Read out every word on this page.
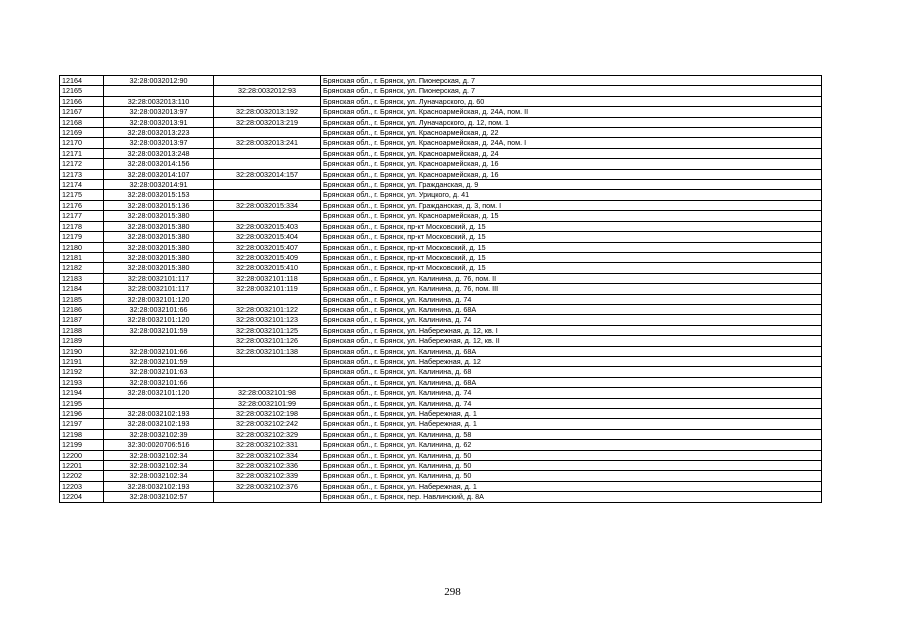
12164	32:28:0032012:90		Брянская обл., г. Брянск, ул. Пионерская, д. 7
12165		32:28:0032012:93	Брянская обл., г. Брянск, ул. Пионерская, д. 7
12166	32:28:0032013:110		Брянская обл., г. Брянск, ул. Луначарского, д. 60
12167	32:28:0032013:97	32:28:0032013:192	Брянская обл., г. Брянск, ул. Красноармейская, д. 24А, пом. II
12168	32:28:0032013:91	32:28:0032013:219	Брянская обл., г. Брянск, ул. Луначарского, д. 12, пом. 1
12169	32:28:0032013:223		Брянская обл., г. Брянск, ул. Красноармейская, д. 22
12170	32:28:0032013:97	32:28:0032013:241	Брянская обл., г. Брянск, ул. Красноармейская, д. 24А, пом. I
12171	32:28:0032013:248		Брянская обл., г. Брянск, ул. Красноармейская, д. 24
12172	32:28:0032014:156		Брянская обл., г. Брянск, ул. Красноармейская, д. 16
12173	32:28:0032014:107	32:28:0032014:157	Брянская обл., г. Брянск, ул. Красноармейская, д. 16
12174	32:28:0032014:91		Брянская обл., г. Брянск, ул. Гражданская, д. 9
12175	32:28:0032015:153		Брянская обл., г. Брянск, ул. Урицкого, д. 41
12176	32:28:0032015:136	32:28:0032015:334	Брянская обл., г. Брянск, ул. Гражданская, д. 3, пом. I
12177	32:28:0032015:380		Брянская обл., г. Брянск, ул. Красноармейская, д. 15
12178	32:28:0032015:380	32:28:0032015:403	Брянская обл., г. Брянск, пр-кт Московский, д. 15
12179	32:28:0032015:380	32:28:0032015:404	Брянская обл., г. Брянск, пр-кт Московский, д. 15
12180	32:28:0032015:380	32:28:0032015:407	Брянская обл., г. Брянск, пр-кт Московский, д. 15
12181	32:28:0032015:380	32:28:0032015:409	Брянская обл., г. Брянск, пр-кт Московский, д. 15
12182	32:28:0032015:380	32:28:0032015:410	Брянская обл., г. Брянск, пр-кт Московский, д. 15
12183	32:28:0032101:117	32:28:0032101:118	Брянская обл., г. Брянск, ул. Калинина, д. 76, пом. II
12184	32:28:0032101:117	32:28:0032101:119	Брянская обл., г. Брянск, ул. Калинина, д. 76, пом. III
12185	32:28:0032101:120		Брянская обл., г. Брянск, ул. Калинина, д. 74
12186	32:28:0032101:66	32:28:0032101:122	Брянская обл., г. Брянск, ул. Калинина, д. 68А
12187	32:28:0032101:120	32:28:0032101:123	Брянская обл., г. Брянск, ул. Калинина, д. 74
12188	32:28:0032101:59	32:28:0032101:125	Брянская обл., г. Брянск, ул. Набережная, д. 12, кв. I
12189		32:28:0032101:126	Брянская обл., г. Брянск, ул. Набережная, д. 12, кв. II
12190	32:28:0032101:66	32:28:0032101:138	Брянская обл., г. Брянск, ул. Калинина, д. 68А
12191	32:28:0032101:59		Брянская обл., г. Брянск, ул. Набережная, д. 12
12192	32:28:0032101:63		Брянская обл., г. Брянск, ул. Калинина, д. 68
12193	32:28:0032101:66		Брянская обл., г. Брянск, ул. Калинина, д. 68А
12194	32:28:0032101:120	32:28:0032101:98	Брянская обл., г. Брянск, ул. Калинина, д. 74
12195		32:28:0032101:99	Брянская обл., г. Брянск, ул. Калинина, д. 74
12196	32:28:0032102:193	32:28:0032102:198	Брянская обл., г. Брянск, ул. Набережная, д. 1
12197	32:28:0032102:193	32:28:0032102:242	Брянская обл., г. Брянск, ул. Набережная, д. 1
12198	32:28:0032102:39	32:28:0032102:329	Брянская обл., г. Брянск, ул. Калинина, д. 58
12199	32:30:0020706:516	32:28:0032102:331	Брянская обл., г. Брянск, ул. Калинина, д. 62
12200	32:28:0032102:34	32:28:0032102:334	Брянская обл., г. Брянск, ул. Калинина, д. 50
12201	32:28:0032102:34	32:28:0032102:336	Брянская обл., г. Брянск, ул. Калинина, д. 50
12202	32:28:0032102:34	32:28:0032102:339	Брянская обл., г. Брянск, ул. Калинина, д. 50
12203	32:28:0032102:193	32:28:0032102:376	Брянская обл., г. Брянск, ул. Набережная, д. 1
12204	32:28:0032102:57		Брянская обл., г. Брянск, пер. Навлинский, д. 8А
298
